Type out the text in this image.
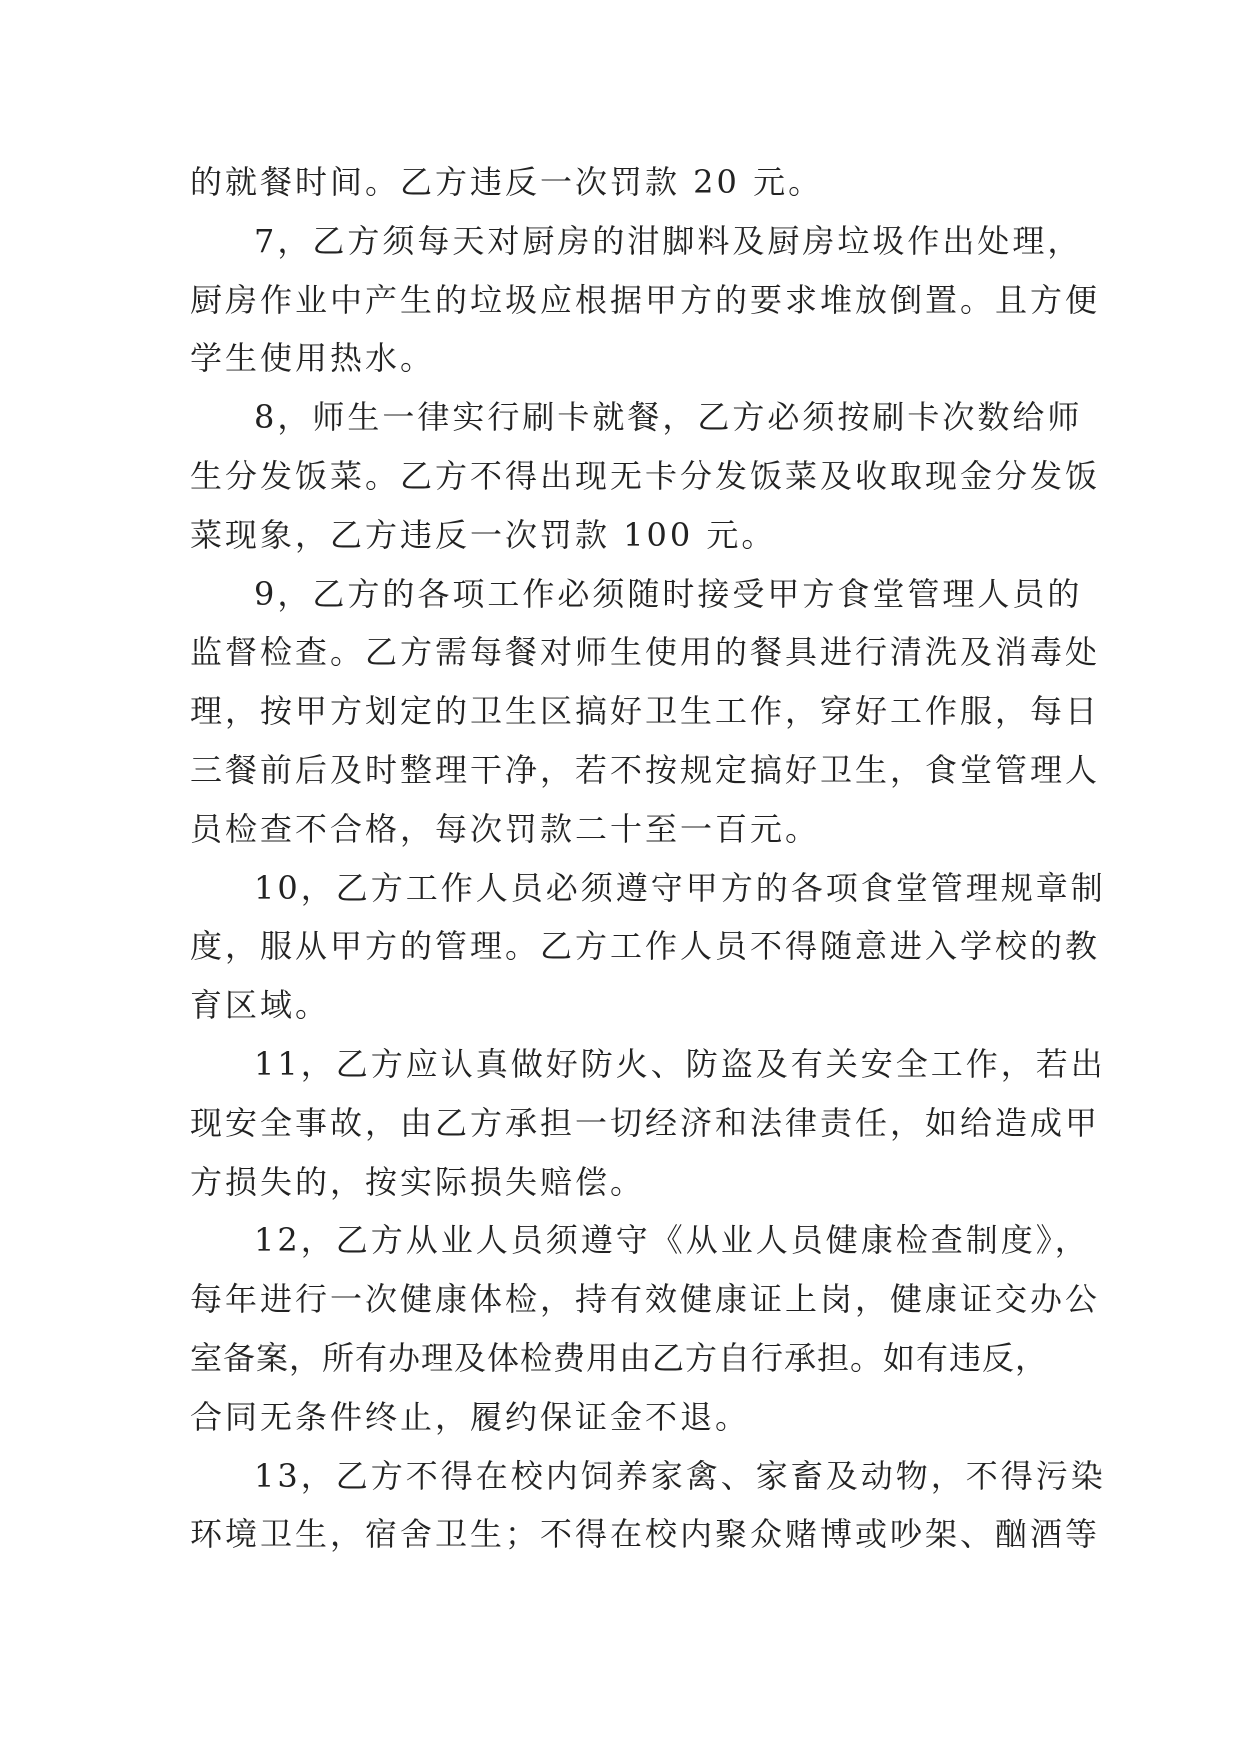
的就餐时间。乙方违反一次罚款 20 元。
7，乙方须每天对厨房的泔脚料及厨房垃圾作出处理，
厨房作业中产生的垃圾应根据甲方的要求堆放倒置。且方便
学生使用热水。
8，师生一律实行刷卡就餐，乙方必须按刷卡次数给师
生分发饭菜。乙方不得出现无卡分发饭菜及收取现金分发饭
菜现象，乙方违反一次罚款 100 元。
9，乙方的各项工作必须随时接受甲方食堂管理人员的
监督检查。乙方需每餐对师生使用的餐具进行清洗及消毒处
理，按甲方划定的卫生区搞好卫生工作，穿好工作服，每日
三餐前后及时整理干净，若不按规定搞好卫生，食堂管理人
员检查不合格，每次罚款二十至一百元。
10，乙方工作人员必须遵守甲方的各项食堂管理规章制
度，服从甲方的管理。乙方工作人员不得随意进入学校的教
育区域。
11，乙方应认真做好防火、防盗及有关安全工作，若出
现安全事故，由乙方承担一切经济和法律责任，如给造成甲
方损失的，按实际损失赔偿。
12，乙方从业人员须遵守《从业人员健康检查制度》，
每年进行一次健康体检，持有效健康证上岗，健康证交办公
室备案，所有办理及体检费用由乙方自行承担。如有违反，
合同无条件终止，履约保证金不退。
13，乙方不得在校内饲养家禽、家畜及动物，不得污染
环境卫生，宿舍卫生；不得在校内聚众赌博或吵架、酗酒等
